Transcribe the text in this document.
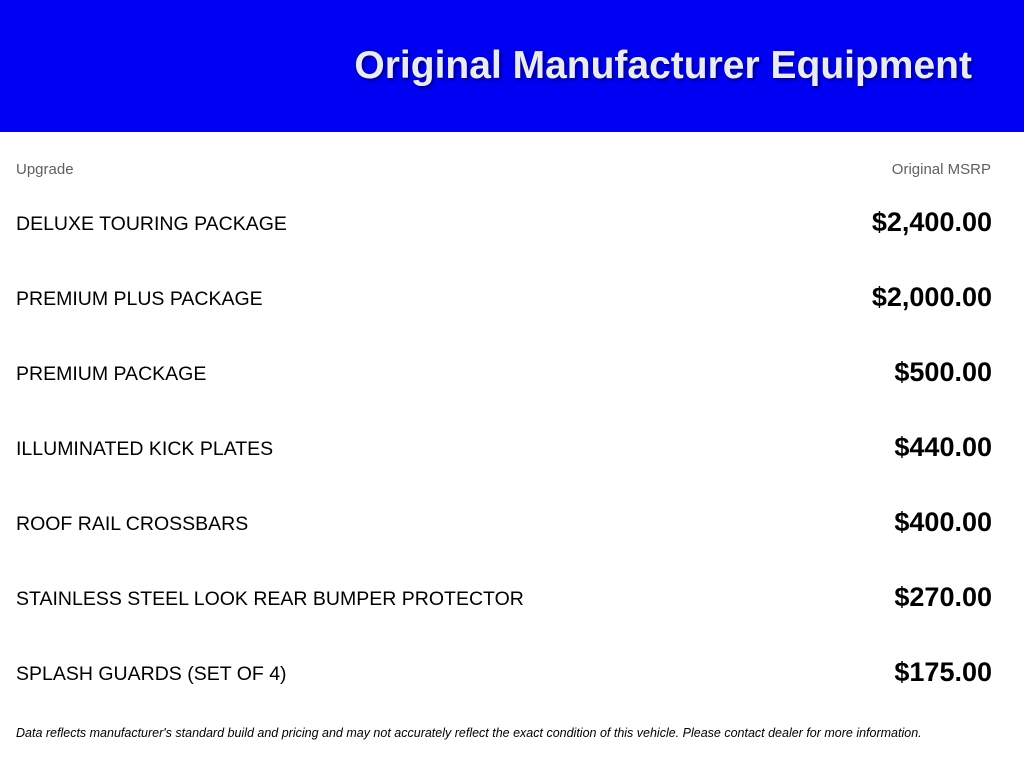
Original Manufacturer Equipment
Upgrade	Original MSRP
DELUXE TOURING PACKAGE	$2,400.00
PREMIUM PLUS PACKAGE	$2,000.00
PREMIUM PACKAGE	$500.00
ILLUMINATED KICK PLATES	$440.00
ROOF RAIL CROSSBARS	$400.00
STAINLESS STEEL LOOK REAR BUMPER PROTECTOR	$270.00
SPLASH GUARDS (SET OF 4)	$175.00

Data reflects manufacturer's standard build and pricing and may not accurately reflect the exact condition of this vehicle. Please contact dealer for more information.
